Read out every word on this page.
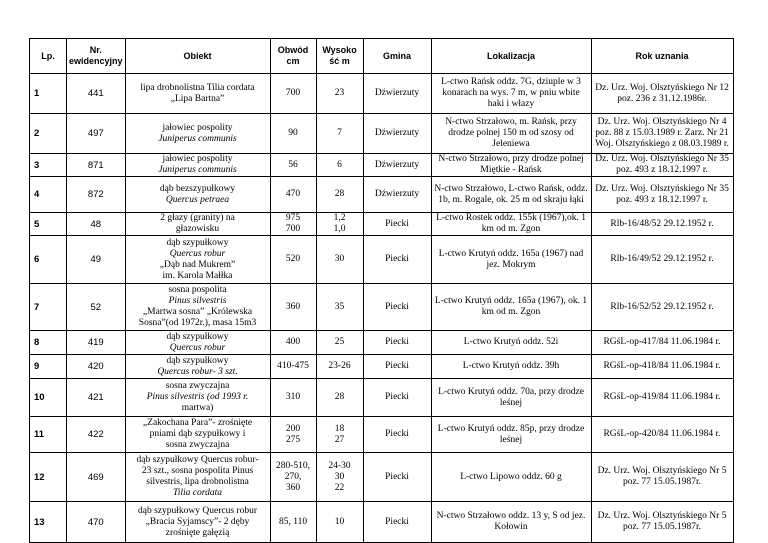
Lp.	Nr. ewidencyjny	Obiekt	Obwód cm	Wysoko ść m	Gmina	Lokalizacja	Rok uznania
1	441	lipa drobnolistna Tilia cordata
„Lipa Bartna”	700	23	Dźwierzuty	L-ctwo Rańsk oddz. 7G, dziuple w 3 konarach na wys. 7 m, w pniu wbite haki i włazy	Dz. Urz. Woj. Olsztyńskiego Nr 12 poz. 236 z 31.12.1986r.

2	497	jałowiec pospolity
Juniperus communis	90	7	Dźwierzuty	N-ctwo Strzałowo, m. Rańsk, przy drodze polnej 150 m od szosy od Jeleniewa	Dz. Urz. Woj. Olsztyńskiego Nr 4 poz. 88 z 15.03.1989 r. Zarz. Nr 21 Woj. Olsztyńskiego z 08.03.1989 r.

3	871	jałowiec pospolity
Juniperus communis	56	6	Dźwierzuty	N-ctwo Strzałowo, przy drodze polnej Miętkie - Rańsk	Dz. Urz. Woj. Olsztyńskiego Nr 35 poz. 493 z 18.12.1997 r.

4	872	dąb bezszypułkowy
Quercus petraea	470	28	Dźwierzuty	N-ctwo Strzałowo, L-ctwo Rańsk, oddz. 1b, m. Rogale, ok. 25 m od skraju łąki	Dz. Urz. Woj. Olsztyńskiego Nr 35 poz. 493 z 18.12.1997 r.

5	48	2 głazy (granity) na
głazowisku	975
700	1,2
1,0	Piecki	L-ctwo Rostek oddz. 155k (1967),ok. 1 km od m. Zgon	Rlb-16/48/52 29.12.1952 r.

6	49	dąb szypułkowy
Quercus robur
„Dąb nad Mukrem”
im. Karola Małłka	520	30	Piecki	L-ctwo Krutyń oddz. 165a (1967) nad jez. Mokrym	Rlb-16/49/52 29.12.1952 r.

7	52	sosna pospolita
Pinus silvestris
„Martwa sosna” „Królewska
Sosna”(od 1972r.), masa 15m3	360	35	Piecki	L-ctwo Krutyń oddz. 165a (1967), ok. 1 km od m. Zgon	Rlb-16/52/52 29.12.1952 r.

8	419	dąb szypułkowy
Quercus robur	400	25	Piecki	L-ctwo Krutyń oddz. 52i	RGśL-op-417/84 11.06.1984 r.

9	420	dąb szypułkowy
Quercus robur- 3 szt.	410-475	23-26	Piecki	L-ctwo Krutyń oddz. 39h	RGśL-op-418/84 11.06.1984 r.

10	421	sosna zwyczajna
Pinus silvestris (od 1993 r.
martwa)	310	28	Piecki	L-ctwo Krutyń oddz. 70a, przy drodze leśnej	RGśL-op-419/84 11.06.1984 r.

11	422	„Zakochana Para”- zrośnięte
pniami dąb szypułkowy i
sosna zwyczajna	200
275	18
27	Piecki	L-ctwo Krutyń oddz. 85p, przy drodze leśnej	RGśL-op-420/84 11.06.1984 r.

12	469	dąb szypułkowy Quercus robur-
23 szt., sosna pospolita Pinus
silvestris, lipa drobnolistna
Tilia cordata	280-510,
270,
360	24-30
30
22	Piecki	L-ctwo Lipowo oddz. 60 g	Dz. Urz. Woj. Olsztyńskiego Nr 5 poz. 77 15.05.1987r.

13	470	dąb szypułkowy Quercus robur
„Bracia Syjamscy”- 2 dęby
zrośnięte gałęzią	85, 110	10	Piecki	N-ctwo Strzałowo oddz. 13 y, S od jez. Kołowin	Dz. Urz. Woj. Olsztyńskiego Nr 5 poz. 77 15.05.1987r.
